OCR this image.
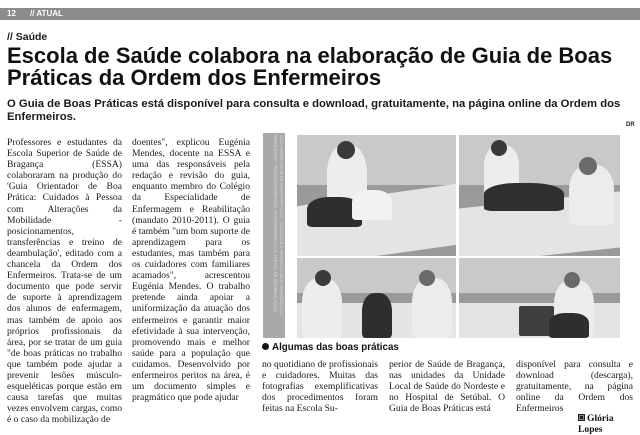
12 // ATUAL
// Saúde
Escola de Saúde colabora na elaboração de Guia de Boas Práticas da Ordem dos Enfermeiros
O Guia de Boas Práticas está disponível para consulta e download, gratuitamente, na página online da Ordem dos Enfermeiros.
DR
Professores e estudantes da Escola Superior de Saúde de Bragança (ESSA) colaboraram na produção do 'Guia Orientador de Boa Prática: Cuidados à Pessoa com Alterações da Mobilidade - posicionamentos, transferências e treino de deambulação', editado com a chancela da Ordem dos Enfermeiros. Trata-se de um documento que pode servir de suporte à aprendizagem dos alunos de enfermagem, mas também de apoio aos próprios profissionais da área, por se tratar de um guia "de boas práticas no trabalho que também pode ajudar a prevenir lesões músculo-esqueléticas porque estão em causa tarefas que muitas vezes envolvem cargas, como é o caso da mobilização de
doentes", explicou Eugénia Mendes, docente na ESSA e uma das responsáveis pela redação e revisão do guia, enquanto membro do Colégio da Especialidade de Enfermagem e Reabilitação (mandato 2010-2011). O guia é também "um bom suporte de aprendizagem para os estudantes, mas também para os cuidadores com familiares acamados", acrescentou Eugénia Mendes. O trabalho pretende ainda apoiar a uniformização da atuação dos enfermeiros e garantir maior efetividade à sua intervenção, promovendo mais e melhor saúde para a população que cuidamos. Desenvolvido por enfermeiros peritos na área, é um documento simples e pragmático que pode ajudar
GUIA ORIENTADOR DE BOAS PRÁTICAS · CUIDADOS À PESSOA COM ALTERAÇÕES DA MOBILIDADE · POSICIONAMENTOS, TRANSFERÊNCIAS E TREINO DE DEAMBULAÇÃO
Algumas das boas práticas
no quotidiano de profissionais e cuidadores. Muitas das fotografias exemplificativas dos procedimentos foram feitas na Escola Su-
perior de Saúde de Bragança, nas unidades da Unidade Local de Saúde do Nordeste e no Hospital de Setúbal. O Guia de Boas Práticas está
disponível para consulta e download (descarga), gratuitamente, na página online da Ordem dos Enfermeiros
Glória Lopes
